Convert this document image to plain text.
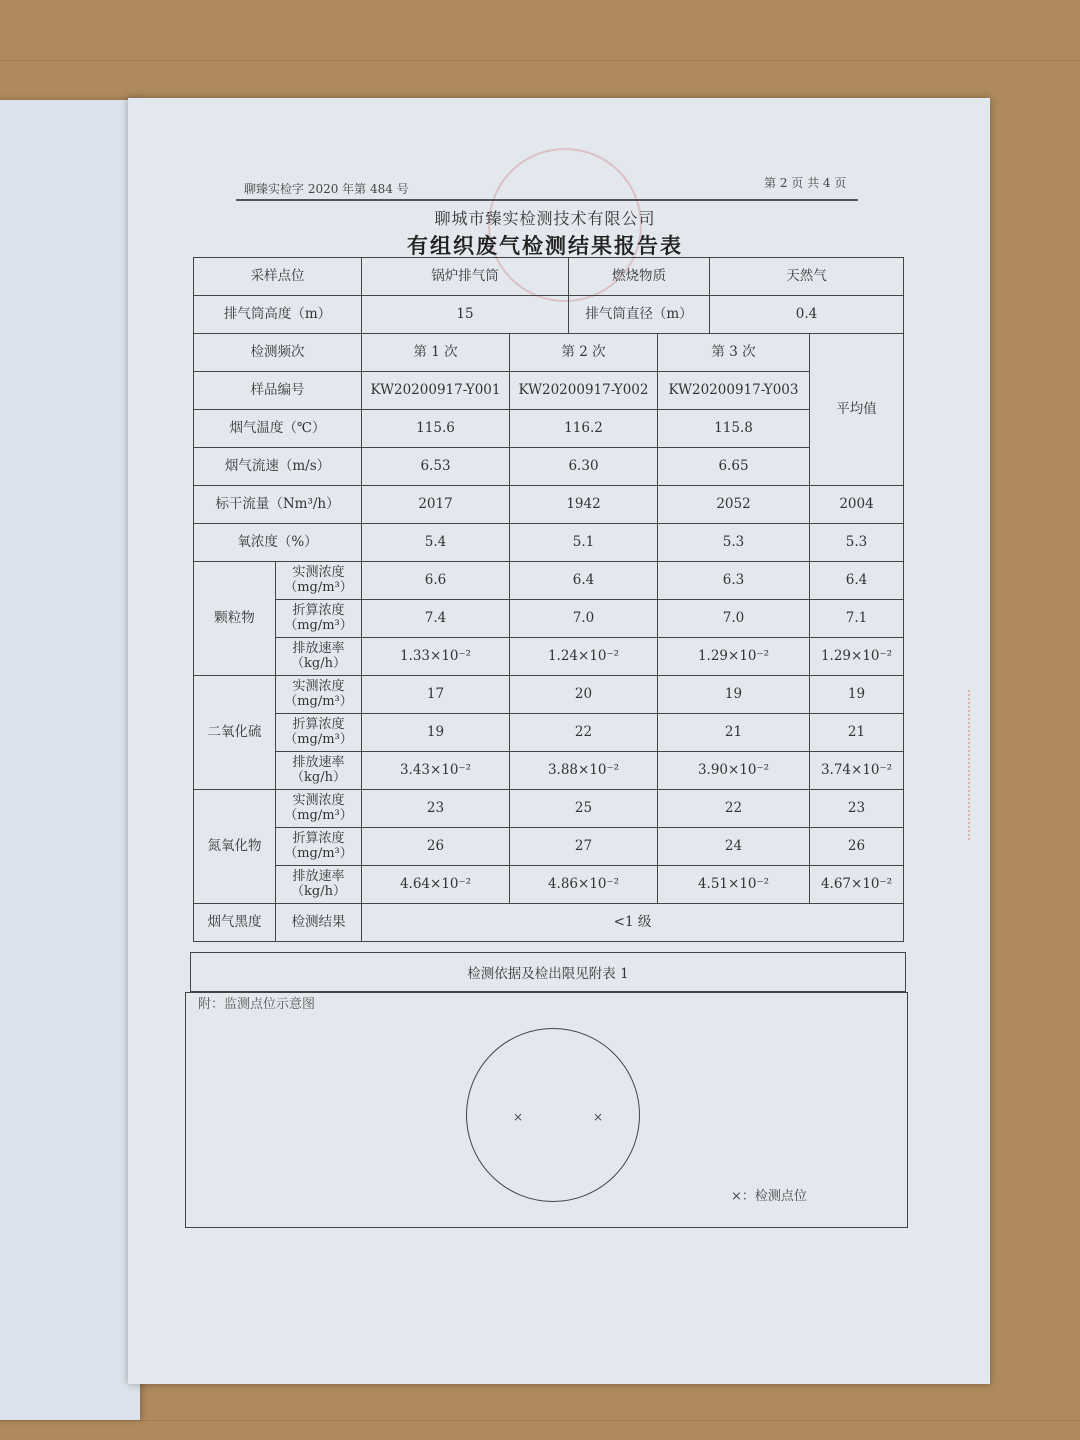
聊臻实检字 2020 年第 484 号	第 2 页 共 4 页
聊城市臻实检测技术有限公司
有组织废气检测结果报告表
采样点位		锅炉排气筒		燃烧物质		天然气	
排气筒高度（m）		15		排气筒直径（m）		0.4	
检测频次		第 1 次	第 2 次		第 3 次		平均值
样品编号		KW20200917-Y001	KW20200917-Y002		KW20200917-Y003		
烟气温度（℃）		115.6	116.2		115.8		
烟气流速（m/s）		6.53	6.30		6.65		
标干流量（Nm³/h）		2017	1942		2052		2004
氧浓度（%）		5.4	5.1		5.3		5.3
颗粒物	实测浓度
（mg/m³）	6.6	6.4		6.3		6.4
	折算浓度
（mg/m³）	7.4	7.0		7.0		7.1
	排放速率
（kg/h）	1.33×10⁻²	1.24×10⁻²		1.29×10⁻²		1.29×10⁻²
二氧化硫	实测浓度
（mg/m³）	17	20		19		19
	折算浓度
（mg/m³）	19	22		21		21
	排放速率
（kg/h）	3.43×10⁻²	3.88×10⁻²		3.90×10⁻²		3.74×10⁻²
氮氧化物	实测浓度
（mg/m³）	23	25		22		23
	折算浓度
（mg/m³）	26	27		24		26
	排放速率
（kg/h）	4.64×10⁻²	4.86×10⁻²		4.51×10⁻²		4.67×10⁻²
烟气黑度	检测结果	<1 级					
检测依据及检出限见附表 1
附：监测点位示意图
×	×
×：检测点位
